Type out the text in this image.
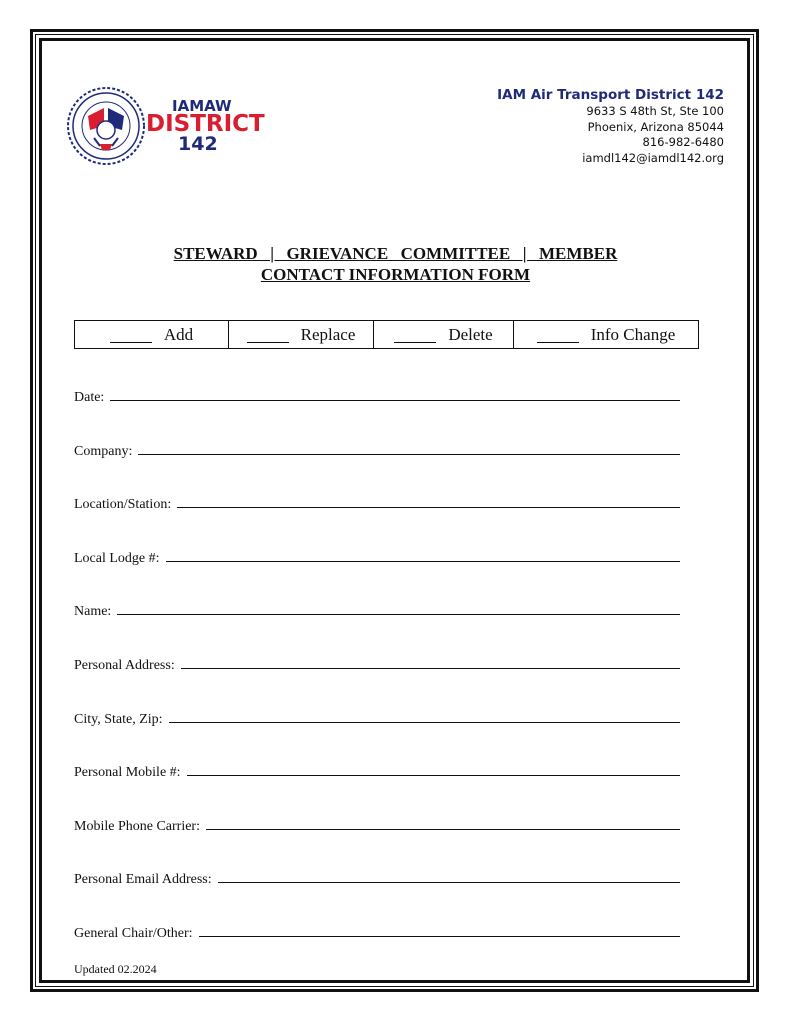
IAMAW
DISTRICT
142
IAM Air Transport District 142
9633 S 48th St, Ste 100
Phoenix, Arizona 85044
816-982-6480
iamdl142@iamdl142.org
STEWARD  |  GRIEVANCE  COMMITTEE  |  MEMBER
CONTACT INFORMATION FORM
Add	Replace	Delete	Info Change
Date:
Company:
Location/Station:
Local Lodge #:
Name:
Personal Address:
City, State, Zip:
Personal Mobile #:
Mobile Phone Carrier:
Personal Email Address:
General Chair/Other:
Updated 02.2024
